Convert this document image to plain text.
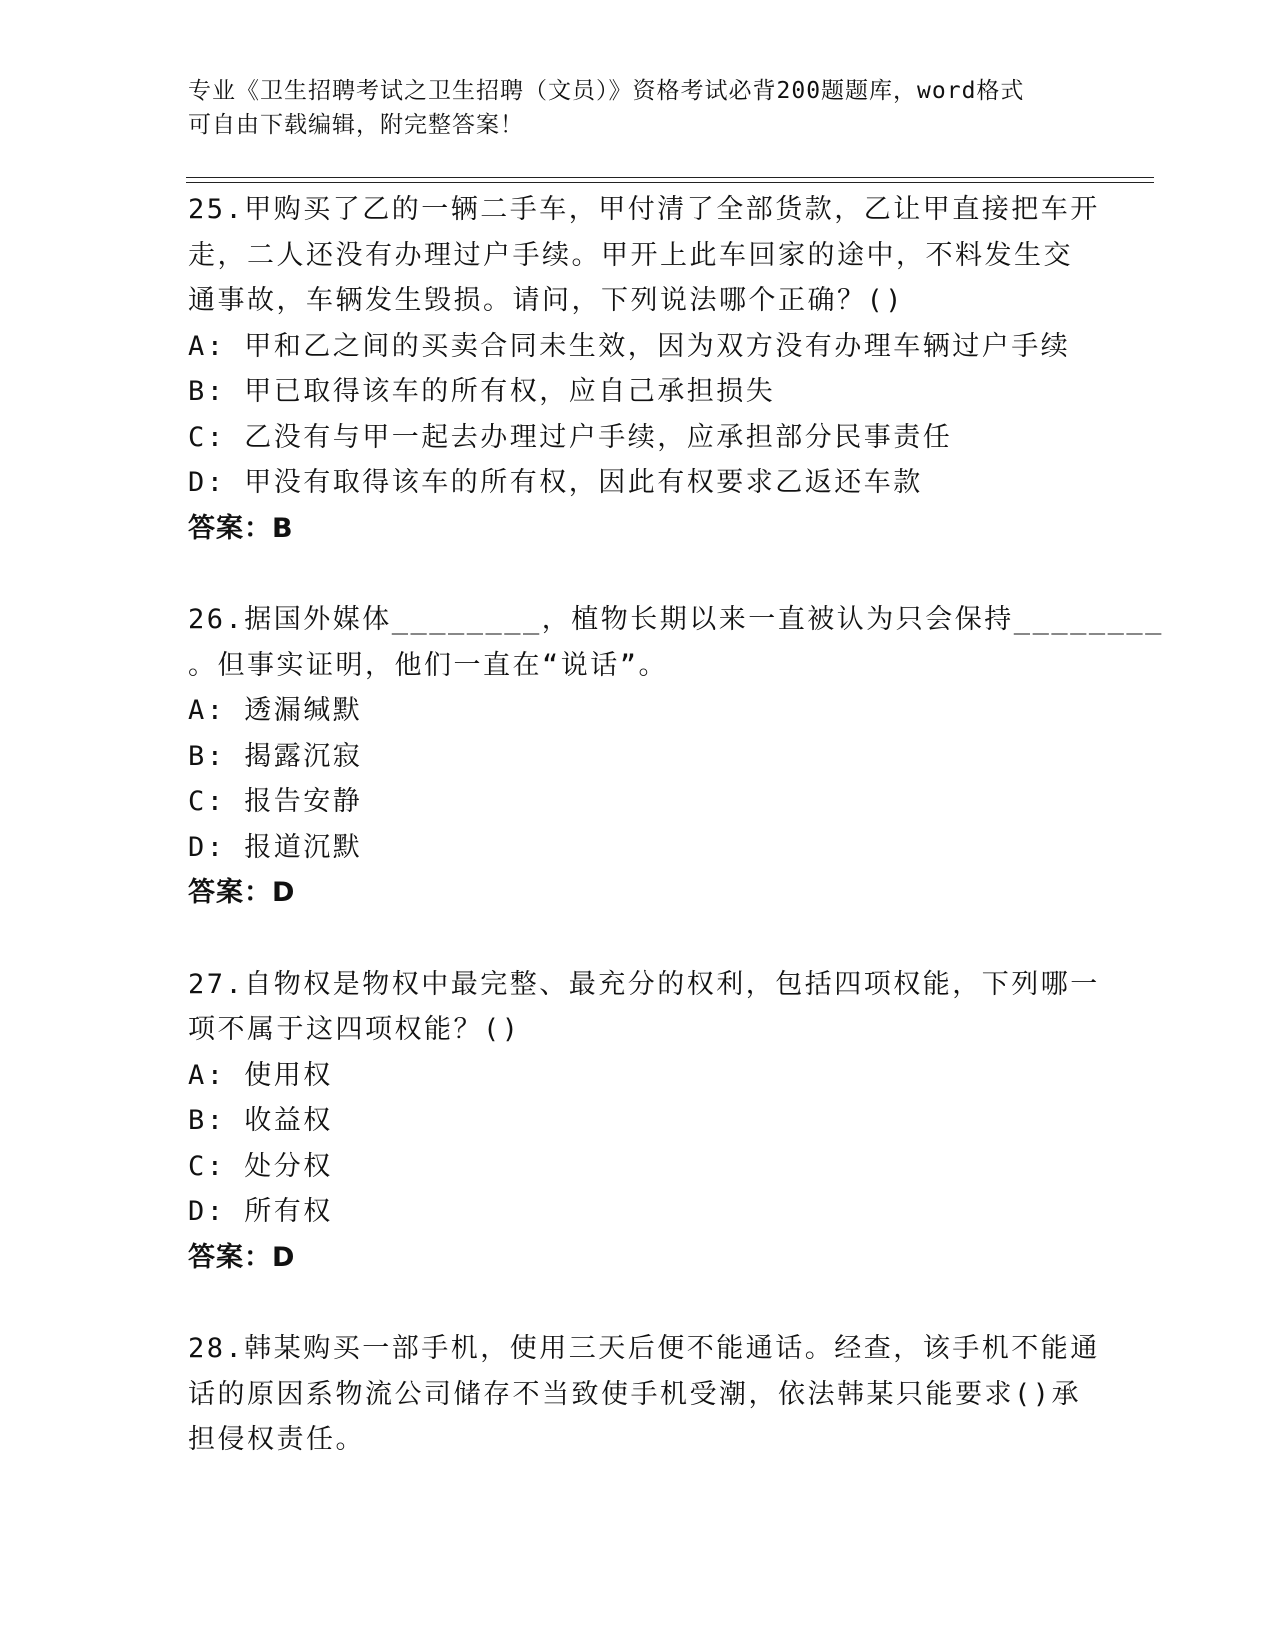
专业《卫生招聘考试之卫生招聘（文员）》资格考试必背200题题库，word格式

可自由下载编辑，附完整答案！

25.甲购买了乙的一辆二手车，甲付清了全部货款，乙让甲直接把车开

走，二人还没有办理过户手续。甲开上此车回家的途中，不料发生交

通事故，车辆发生毁损。请问，下列说法哪个正确？()

A: 甲和乙之间的买卖合同未生效，因为双方没有办理车辆过户手续

B: 甲已取得该车的所有权，应自己承担损失

C: 乙没有与甲一起去办理过户手续，应承担部分民事责任

D: 甲没有取得该车的所有权，因此有权要求乙返还车款

答案：B

26.据国外媒体________，植物长期以来一直被认为只会保持________

。但事实证明，他们一直在“说话”。

A: 透漏缄默

B: 揭露沉寂

C: 报告安静

D: 报道沉默

答案：D

27.自物权是物权中最完整、最充分的权利，包括四项权能，下列哪一

项不属于这四项权能？()

A: 使用权

B: 收益权

C: 处分权

D: 所有权

答案：D

28.韩某购买一部手机，使用三天后便不能通话。经查，该手机不能通

话的原因系物流公司储存不当致使手机受潮，依法韩某只能要求()承

担侵权责任。
